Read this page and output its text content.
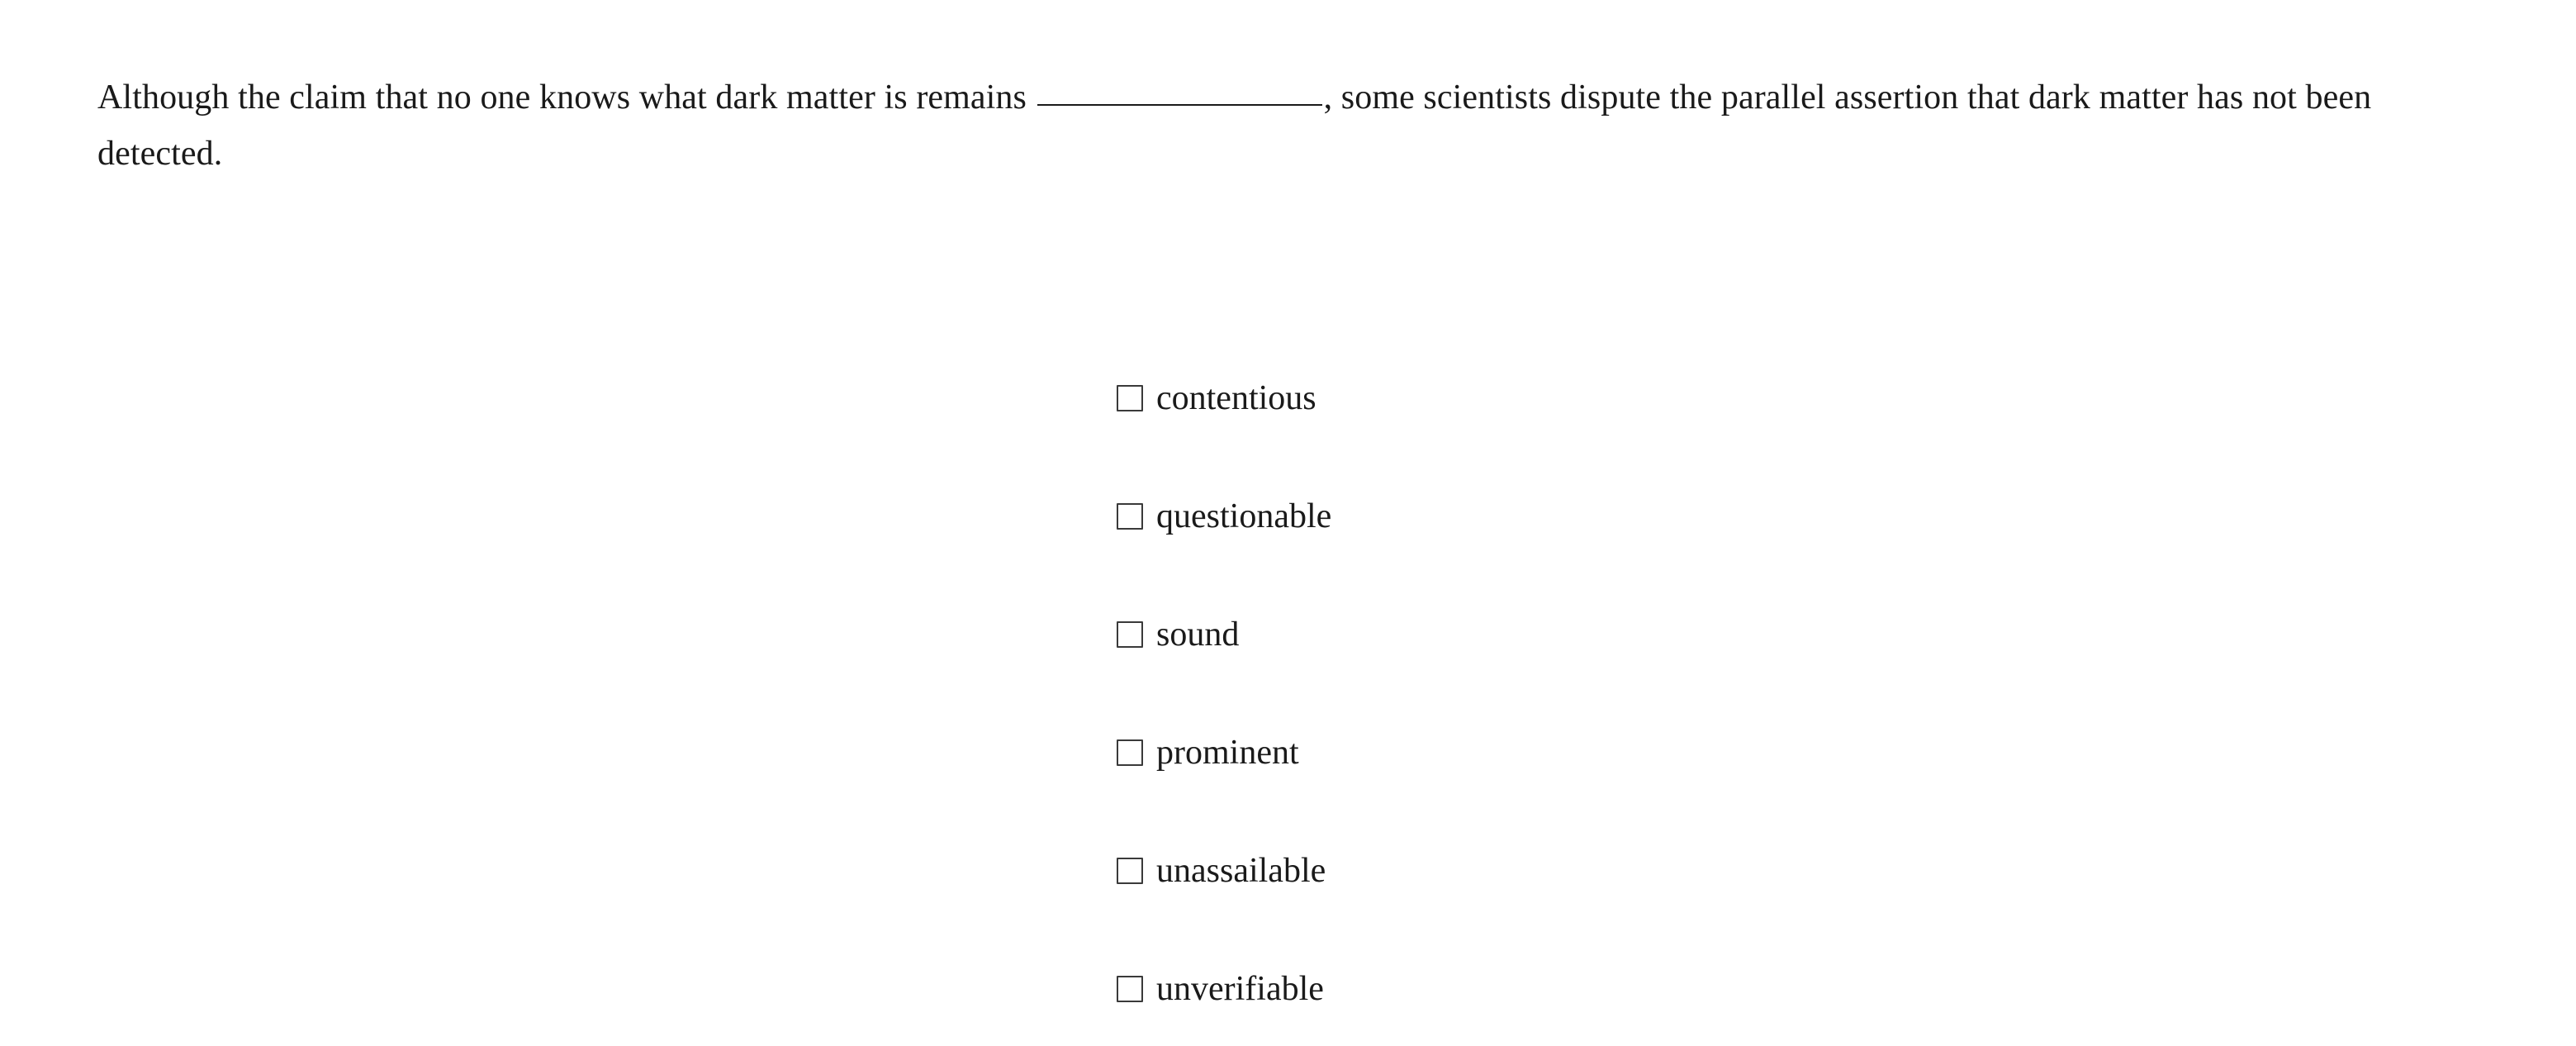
Although the claim that no one knows what dark matter is remains	, some scientists dispute the parallel assertion that dark matter has not been detected.

contentious
questionable
sound
prominent
unassailable
unverifiable
